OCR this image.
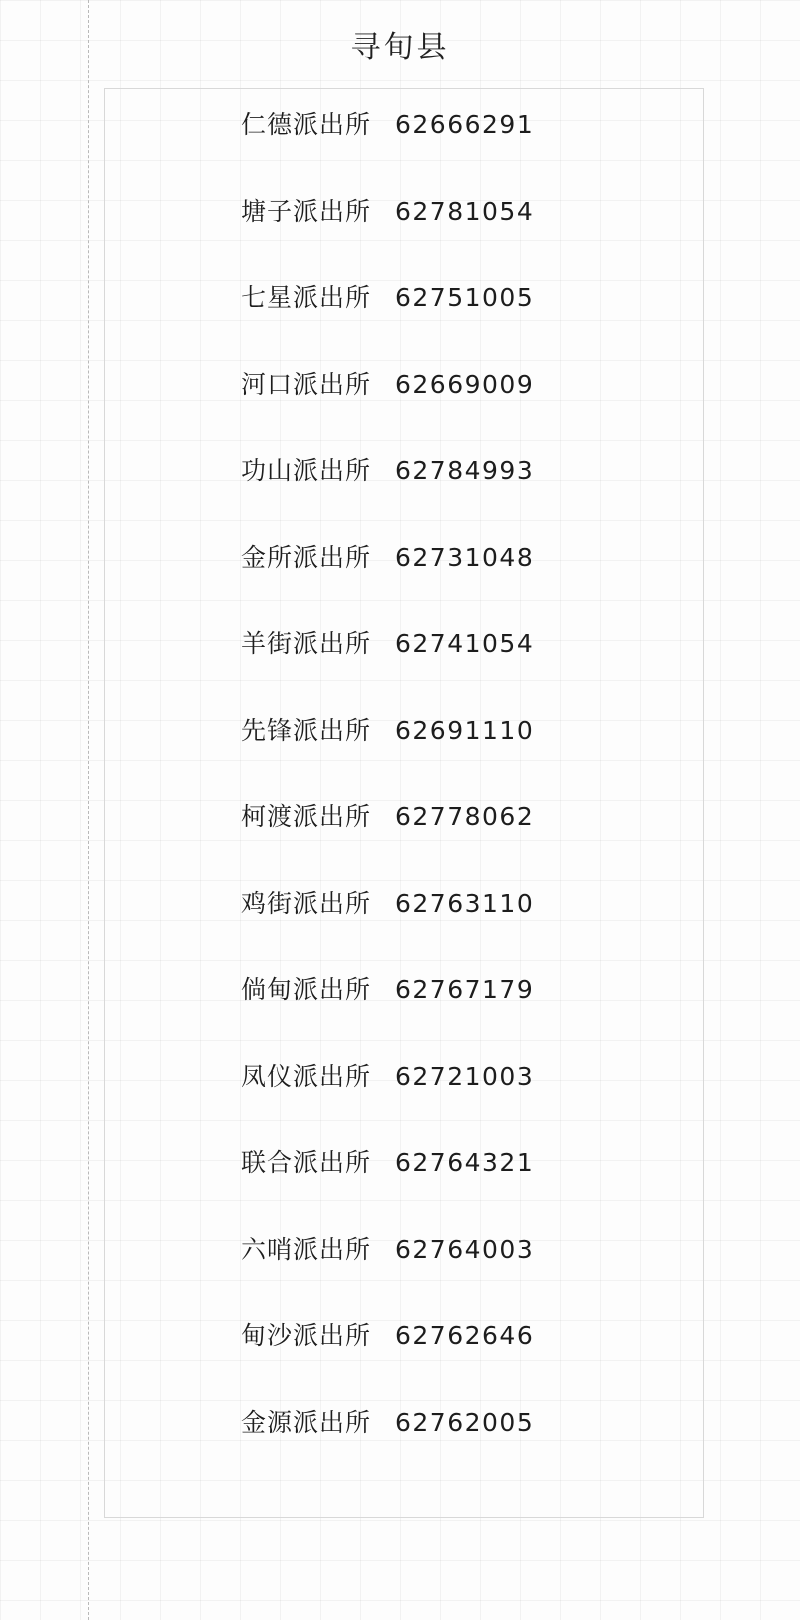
寻旬县
仁德派出所 62666291
塘子派出所 62781054
七星派出所 62751005
河口派出所 62669009
功山派出所 62784993
金所派出所 62731048
羊街派出所 62741054
先锋派出所 62691110
柯渡派出所 62778062
鸡街派出所 62763110
倘甸派出所 62767179
凤仪派出所 62721003
联合派出所 62764321
六哨派出所 62764003
甸沙派出所 62762646
金源派出所 62762005
